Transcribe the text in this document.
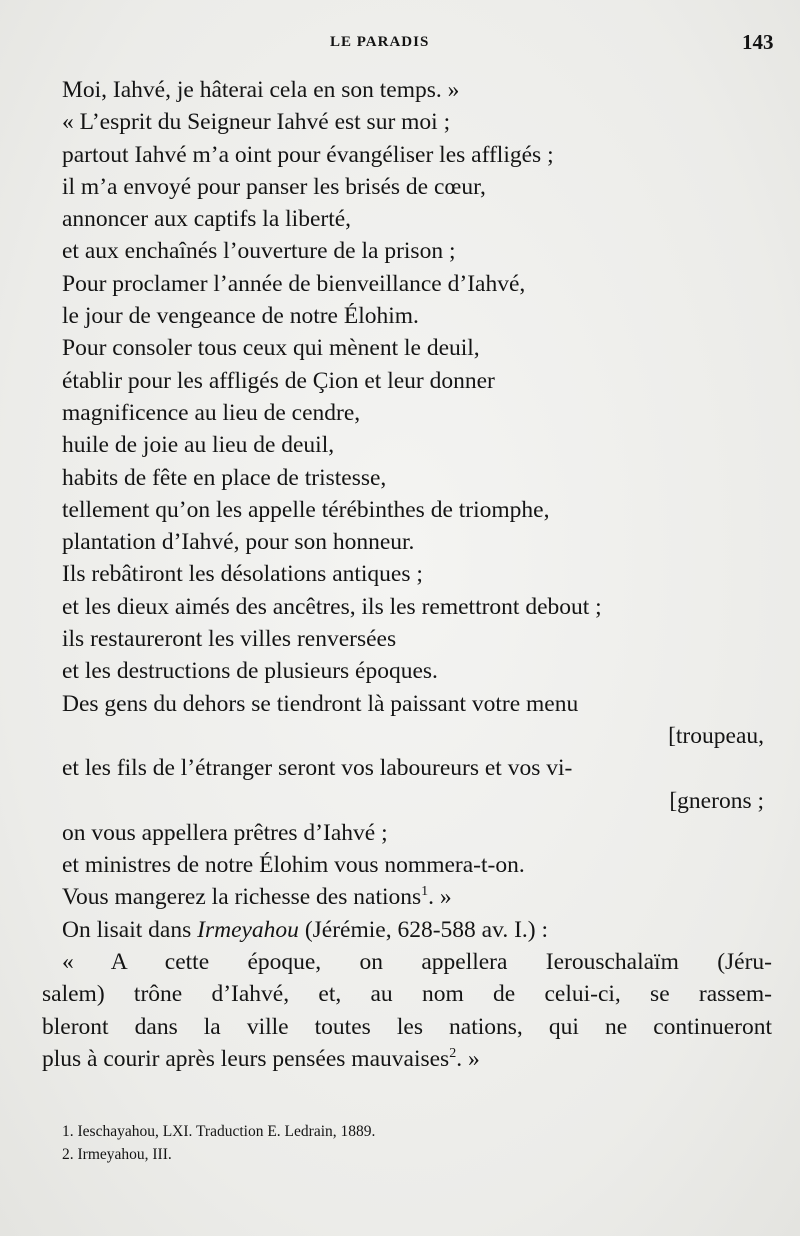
LE PARADIS	143
Moi, Iahvé, je hâterai cela en son temps. »
« L’esprit du Seigneur Iahvé est sur moi ;
partout Iahvé m’a oint pour évangéliser les affligés ;
il m’a envoyé pour panser les brisés de cœur,
annoncer aux captifs la liberté,
et aux enchaînés l’ouverture de la prison ;
Pour proclamer l’année de bienveillance d’Iahvé,
le jour de vengeance de notre Élohim.
Pour consoler tous ceux qui mènent le deuil,
établir pour les affligés de Çion et leur donner
magnificence au lieu de cendre,
huile de joie au lieu de deuil,
habits de fête en place de tristesse,
tellement qu’on les appelle térébinthes de triomphe,
plantation d’Iahvé, pour son honneur.
Ils rebâtiront les désolations antiques ;
et les dieux aimés des ancêtres, ils les remettront debout ;
ils restaureront les villes renversées
et les destructions de plusieurs époques.
Des gens du dehors se tiendront là paissant votre menu
[troupeau,
et les fils de l’étranger seront vos laboureurs et vos vi-
[gnerons ;
on vous appellera prêtres d’Iahvé ;
et ministres de notre Élohim vous nommera-t-on.
Vous mangerez la richesse des nations$^1$. »
On lisait dans Irmeyahou (Jérémie, 628-588 av. I.) :
« A cette époque, on appellera Ierouschalaïm (Jéru-
salem) trône d’Iahvé, et, au nom de celui-ci, se rassem-
bleront dans la ville toutes les nations, qui ne continueront
plus à courir après leurs pensées mauvaises$^2$. »
1. Ieschayahou, LXI. Traduction E. Ledrain, 1889.
2. Irmeyahou, III.
